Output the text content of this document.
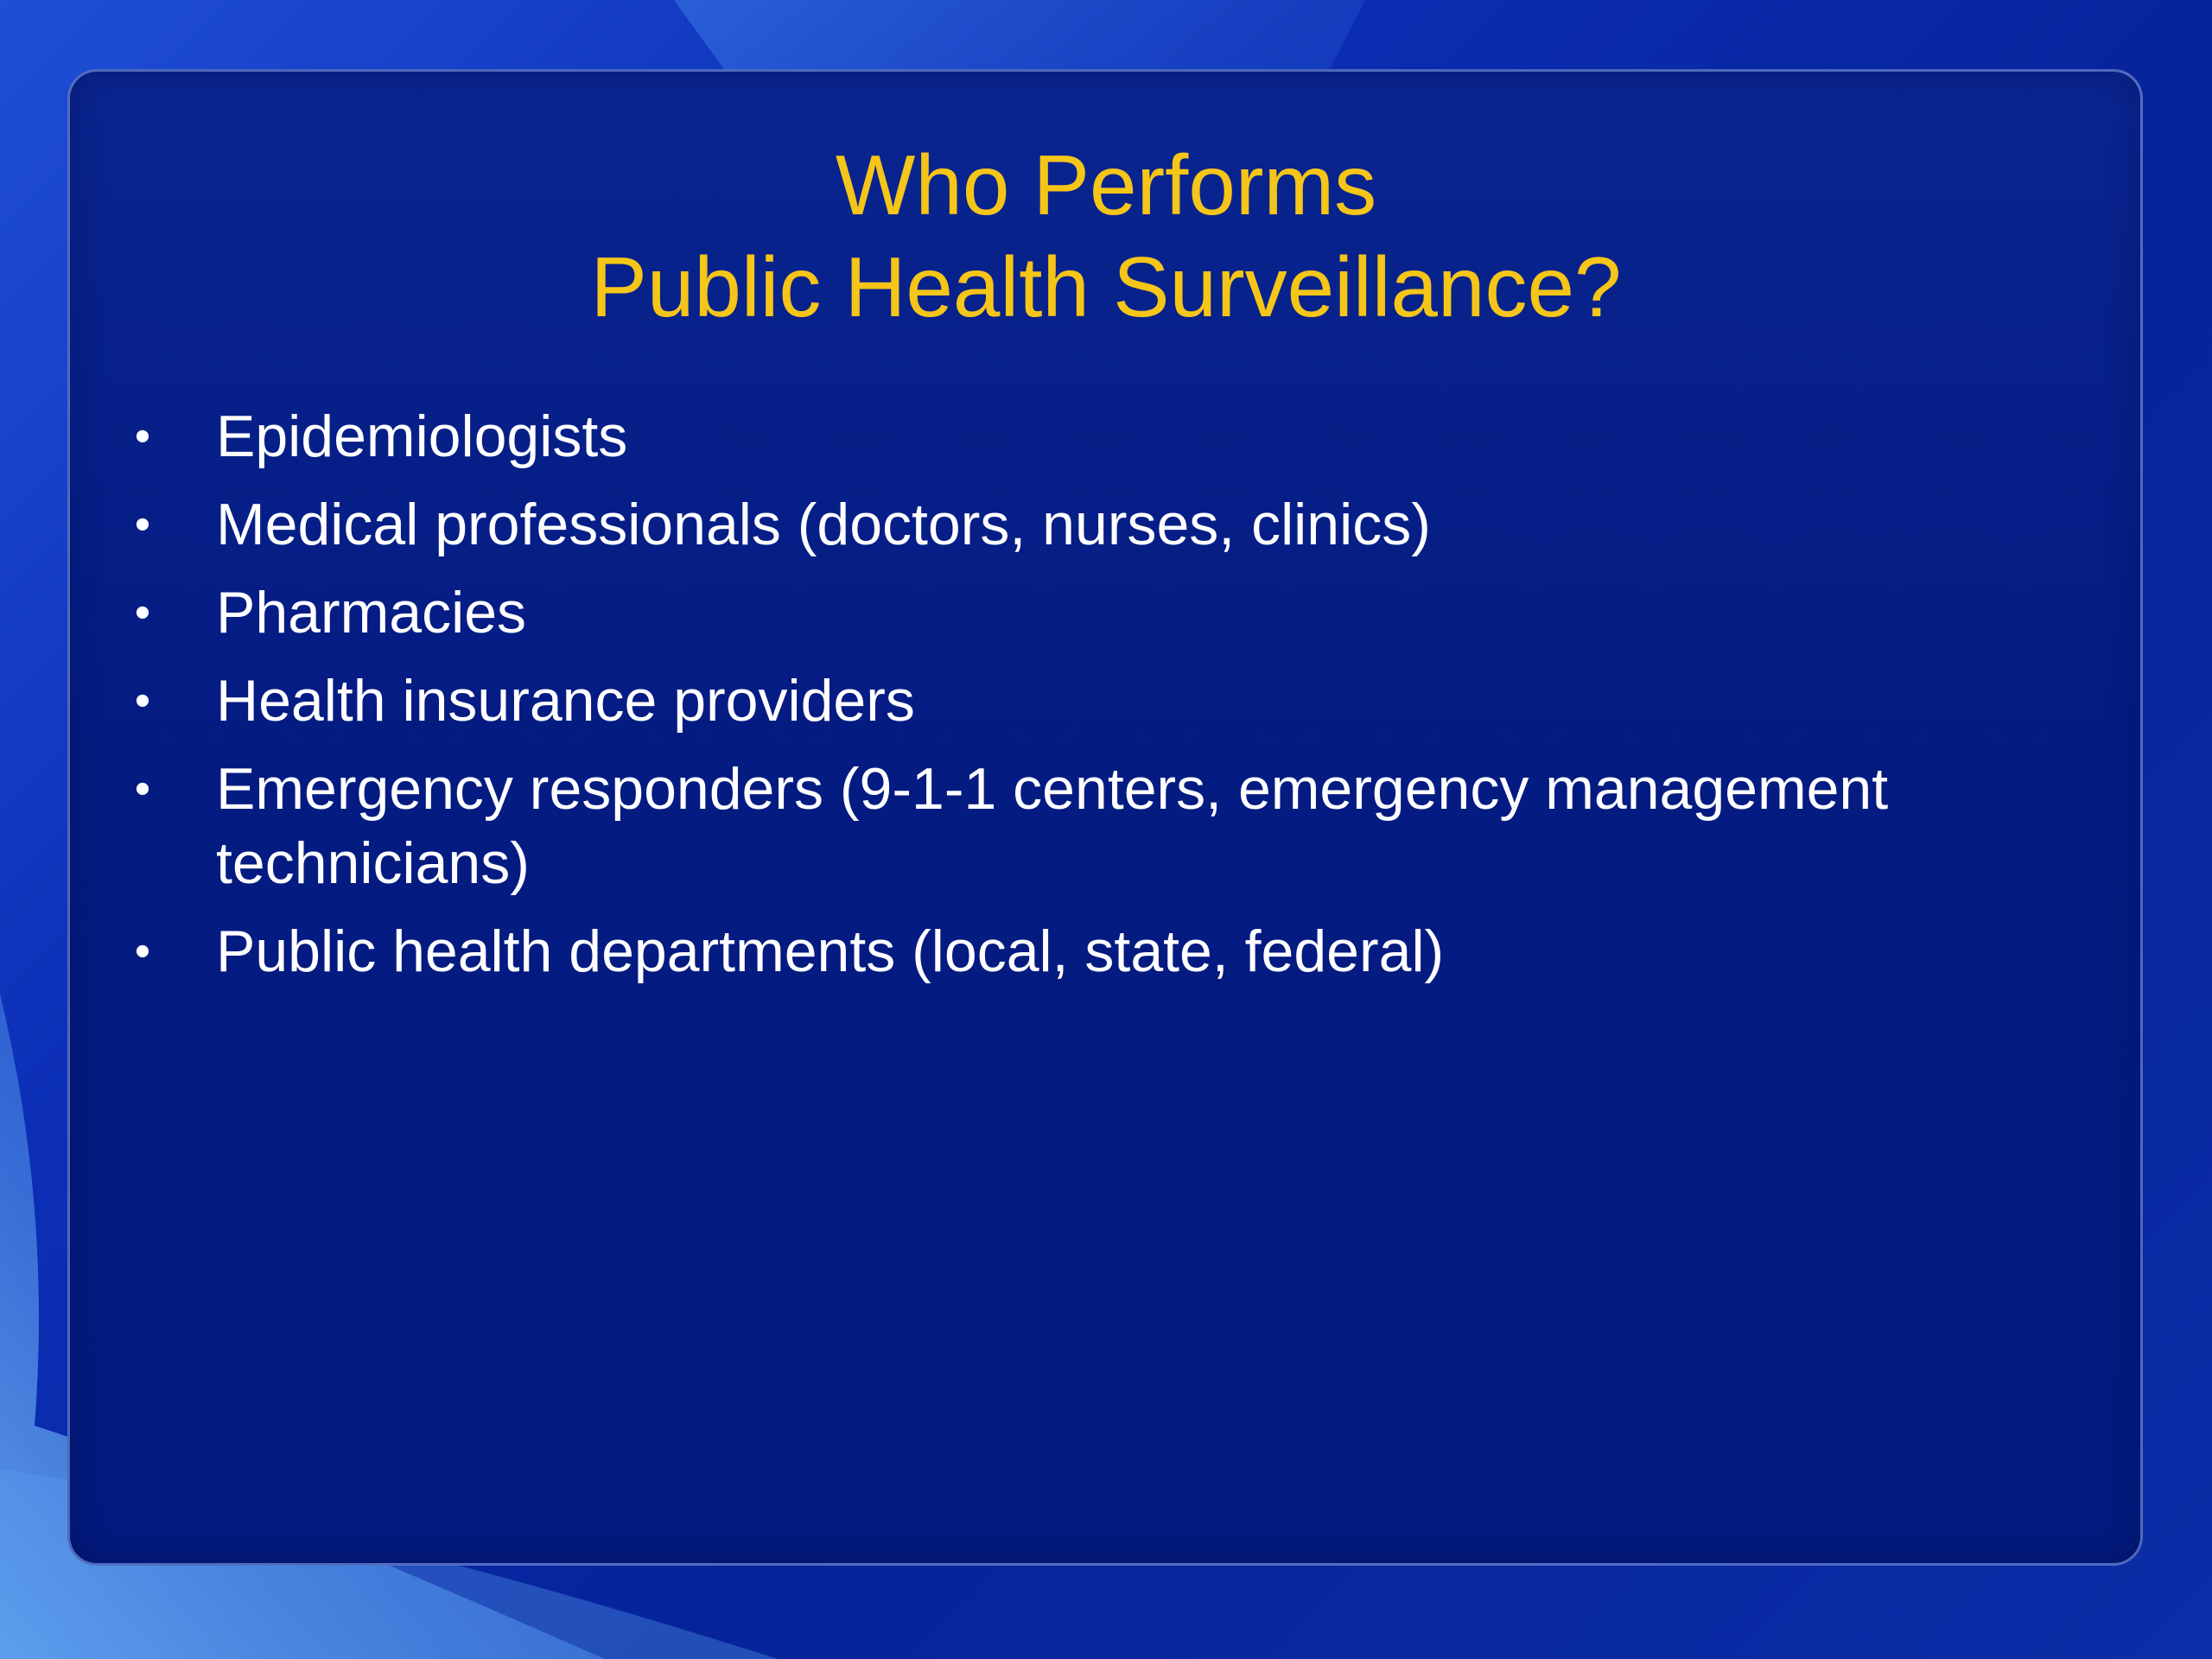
Who Performs
Public Health Surveillance?
• Epidemiologists
• Medical professionals (doctors, nurses, clinics)
• Pharmacies
• Health insurance providers
• Emergency responders (9-1-1 centers, emergency management technicians)
• Public health departments (local, state, federal)
